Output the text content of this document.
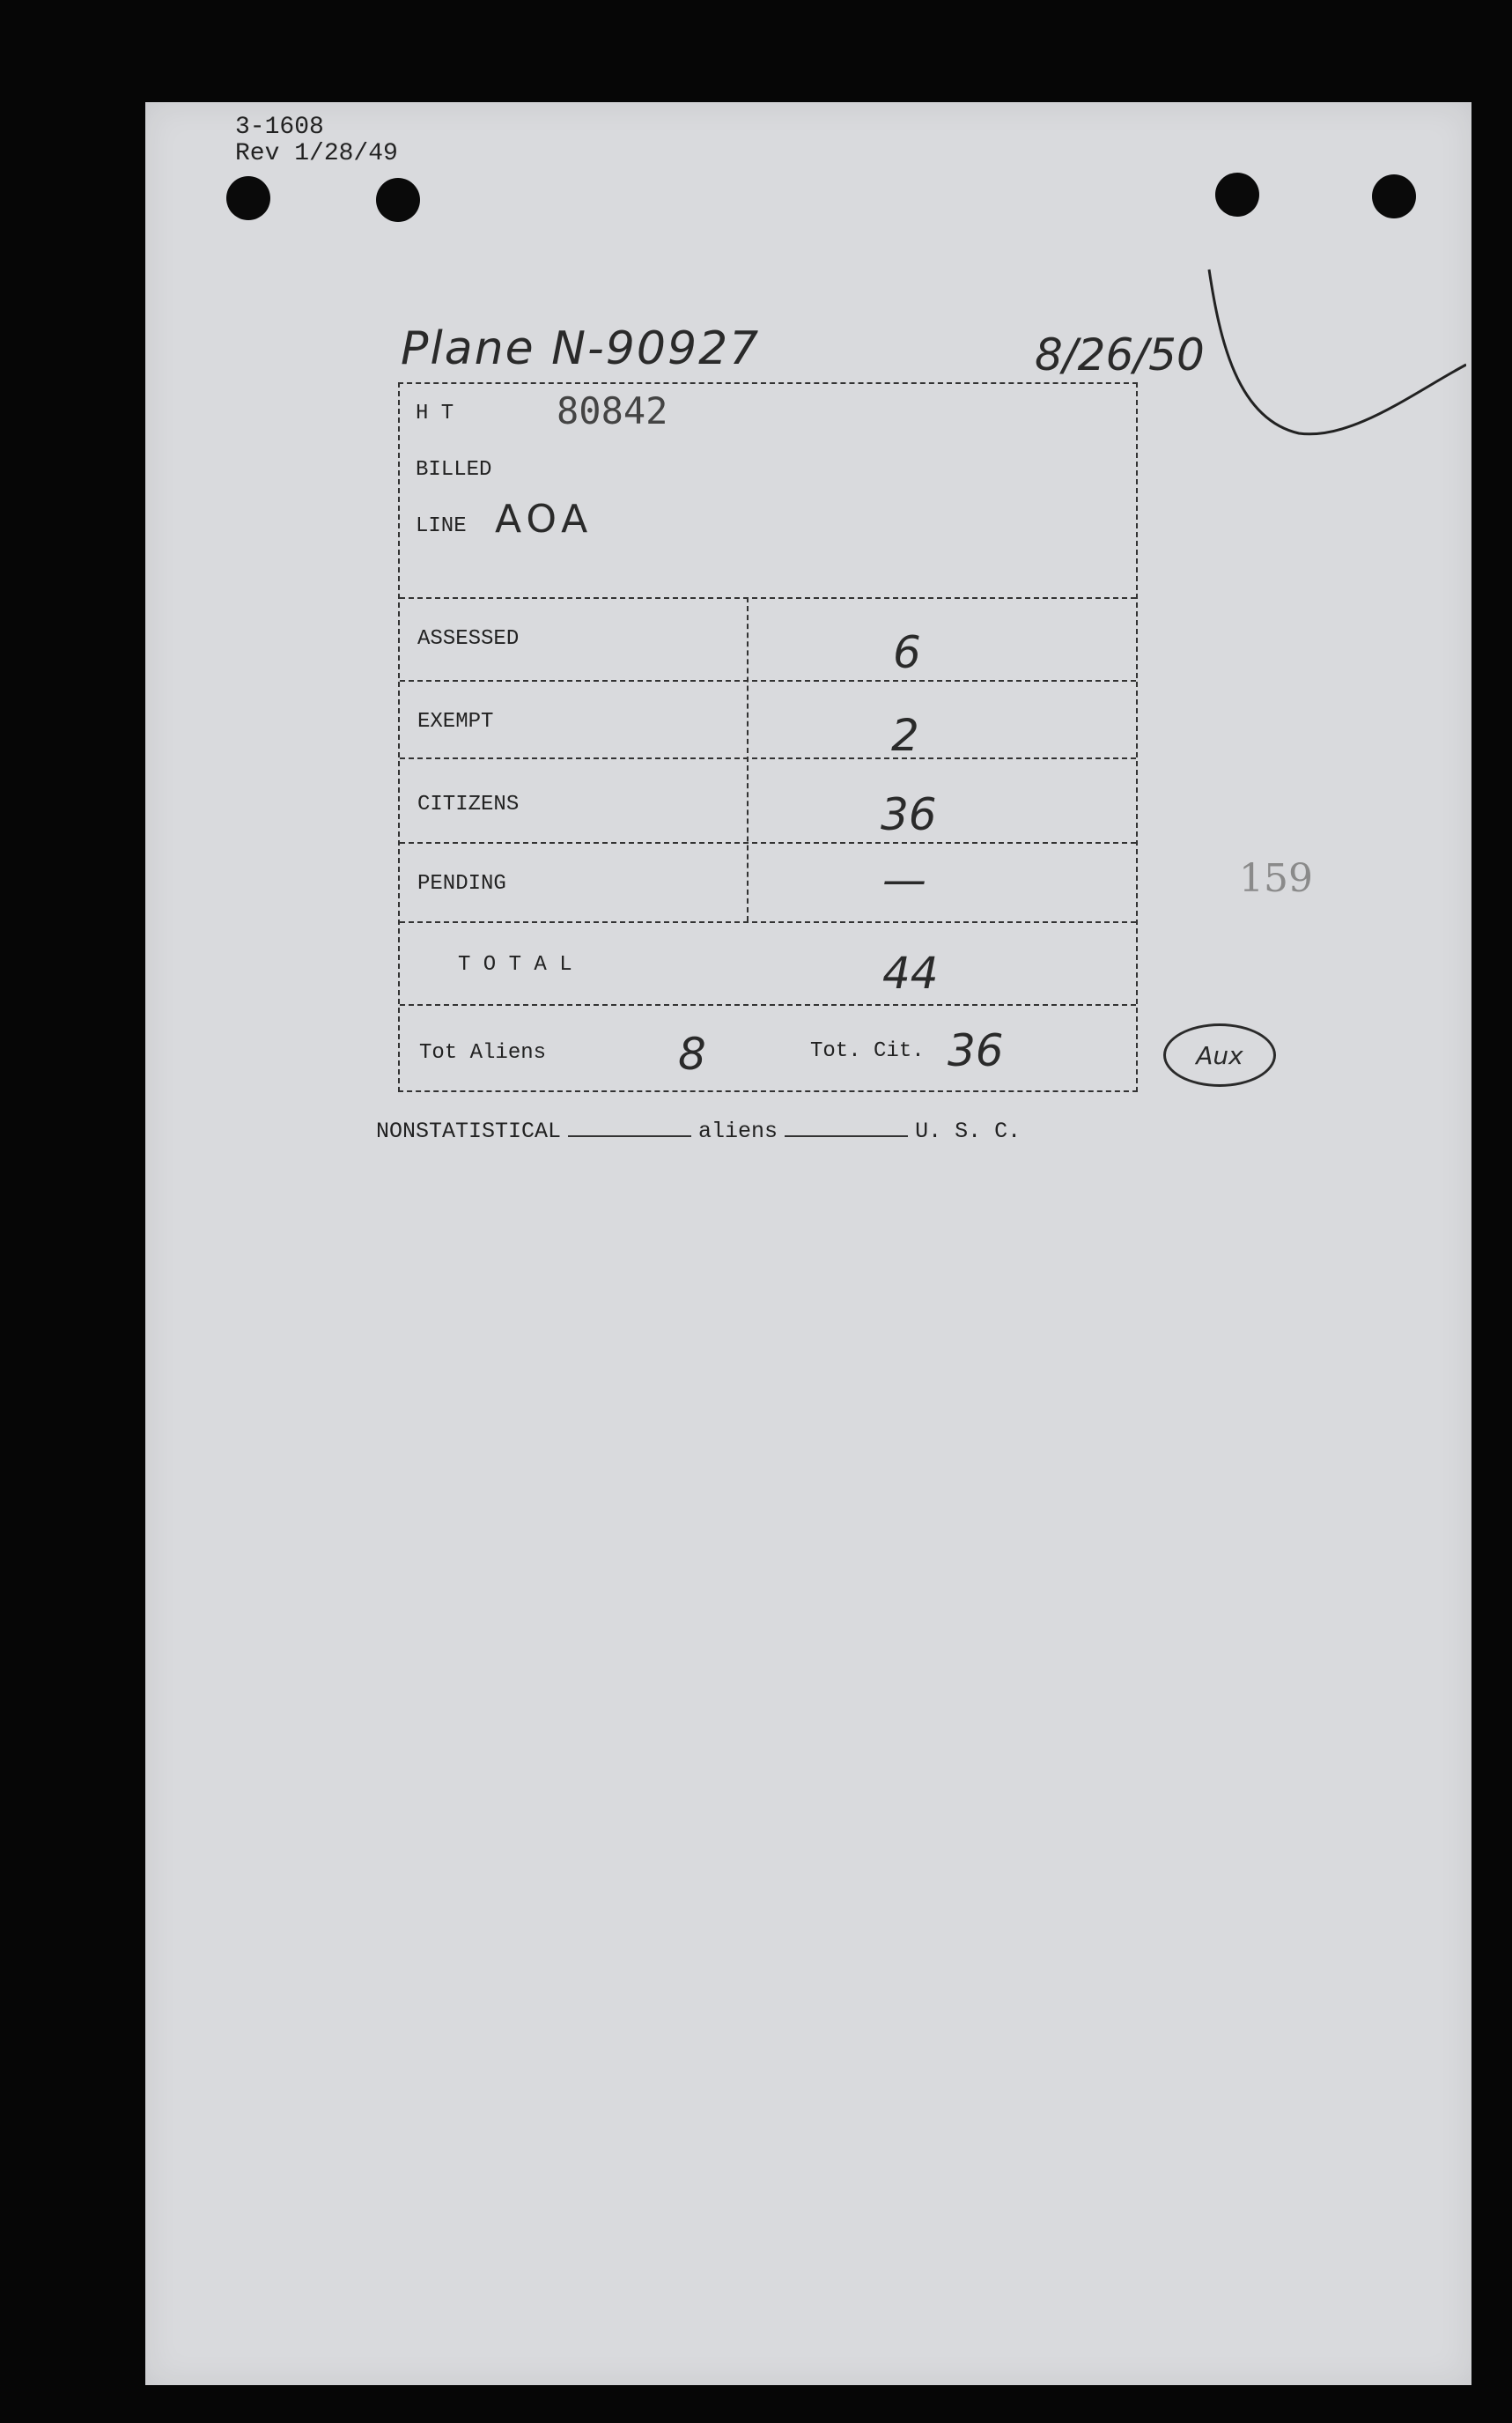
3-1608
Rev 1/28/49
Plane N-90927	8/26/50
H T	80842
BILLED
LINE AOA
ASSESSED	6
EXEMPT	2
CITIZENS	36
PENDING	—
T O T A L	44
Tot Aliens	8	Tot. Cit. 36
159
Aux
NONSTATISTICAL	aliens	U. S. C.
